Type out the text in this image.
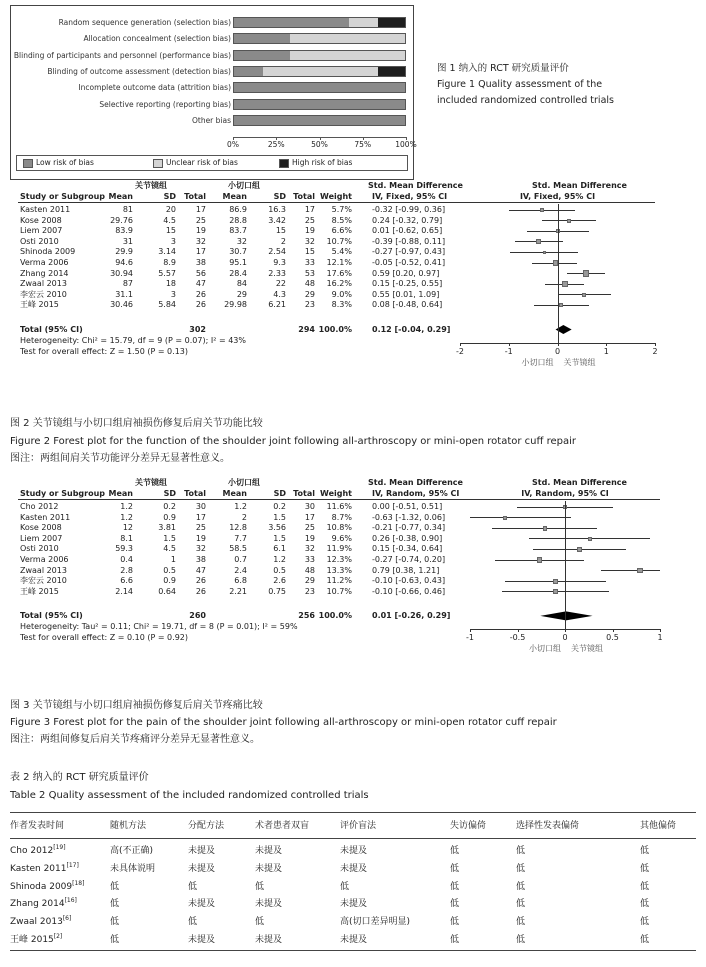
Random sequence generation (selection bias)
Allocation concealment (selection bias)
Blinding of participants and personnel (performance bias)
Blinding of outcome assessment (detection bias)
Incomplete outcome data (attrition bias)
Selective reporting (reporting bias)
Other bias
0%	25%	50%	75%	100%
Low risk of bias	Unclear risk of bias	High risk of bias
图 1 纳入的 RCT 研究质量评价
Figure 1 Quality assessment of the
included randomized controlled trials
关节镜组	小切口组	Std. Mean Difference	Std. Mean Difference
Study or Subgroup Mean	SD	Total	Mean	SD Total Weight	IV, Fixed, 95% CI	IV, Fixed, 95% CI
Kasten 2011	81	20	17	86.9	16.3	17	5.7%	-0.32 [-0.99, 0.36]
Kose 2008	29.76	4.5	25	28.8	3.42	25	8.5%	0.24 [-0.32, 0.79]
Liem 2007	83.9	15	19	83.7	15	19	6.6%	0.01 [-0.62, 0.65]
Osti 2010	31	3	32	32	2	32	10.7%	-0.39 [-0.88, 0.11]
Shinoda 2009	29.9	3.14	17	30.7	2.54	15	5.4%	-0.27 [-0.97, 0.43]
Verma 2006	94.6	8.9	38	95.1	9.3	33	12.1%	-0.05 [-0.52, 0.41]
Zhang 2014	30.94	5.57	56	28.4	2.33	53	17.6%	0.59 [0.20, 0.97]
Zwaal 2013	87	18	47	84	22	48	16.2%	0.15 [-0.25, 0.55]
李宏云 2010	31.1	3	26	29	4.3	29	9.0%	0.55 [0.01, 1.09]
王峰 2015	30.46	5.84	26	29.98	6.21	23	8.3%	0.08 [-0.48, 0.64]
Total (95% CI)	302	294 100.0%	0.12 [-0.04, 0.29]
Heterogeneity: Chi² = 15.79, df = 9 (P = 0.07); I² = 43%
Test for overall effect: Z = 1.50 (P = 0.13)	-2	-1	0	1	2
小切口组 关节镜组
图 2 关节镜组与小切口组肩袖损伤修复后肩关节功能比较
Figure 2 Forest plot for the function of the shoulder joint following all-arthroscopy or mini-open rotator cuff repair
图注：两组间肩关节功能评分差异无显著性意义。
关节镜组	小切口组	Std. Mean Difference	Std. Mean Difference
Study or Subgroup Mean	SD	Total	Mean	SD Total Weight	IV, Random, 95% CI	IV, Random, 95% CI
Cho 2012	1.2	0.2	30	1.2	0.2	30	11.6%	0.00 [-0.51, 0.51]
Kasten 2011	1.2	0.9	17	2	1.5	17	8.7%	-0.63 [-1.32, 0.06]
Kose 2008	12	3.81	25	12.8	3.56	25	10.8%	-0.21 [-0.77, 0.34]
Liem 2007	8.1	1.5	19	7.7	1.5	19	9.6%	0.26 [-0.38, 0.90]
Osti 2010	59.3	4.5	32	58.5	6.1	32	11.9%	0.15 [-0.34, 0.64]
Verma 2006	0.4	1	38	0.7	1.2	33	12.3%	-0.27 [-0.74, 0.20]
Zwaal 2013	2.8	0.5	47	2.4	0.5	48	13.3%	0.79 [0.38, 1.21]
李宏云 2010	6.6	0.9	26	6.8	2.6	29	11.2%	-0.10 [-0.63, 0.43]
王峰 2015	2.14	0.64	26	2.21	0.75	23	10.7%	-0.10 [-0.66, 0.46]
Total (95% CI)	260	256 100.0%	0.01 [-0.26, 0.29]
Heterogeneity: Tau² = 0.11; Chi² = 19.71, df = 8 (P = 0.01); I² = 59%
Test for overall effect: Z = 0.10 (P = 0.92)	-1	-0.5	0	0.5	1
小切口组 关节镜组
图 3 关节镜组与小切口组肩袖损伤修复后肩关节疼痛比较
Figure 3 Forest plot for the pain of the shoulder joint following all-arthroscopy or mini-open rotator cuff repair
图注：两组间修复后肩关节疼痛评分差异无显著性意义。
表 2 纳入的 RCT 研究质量评价
Table 2 Quality assessment of the included randomized controlled trials
作者发表时间	随机方法	分配方法	术者患者双盲	评价盲法	失访偏倚	选择性发表偏倚	其他偏倚
Cho 2012[19]	高(不正确)	未提及	未提及	未提及	低	低	低
Kasten 2011[17]	未具体说明	未提及	未提及	未提及	低	低	低
Shinoda 2009[18]	低	低	低	低	低	低	低
Zhang 2014[16]	低	未提及	未提及	未提及	低	低	低
Zwaal 2013[6]	低	低	低	高(切口差异明显)	低	低	低
王峰 2015[2]	低	未提及	未提及	未提及	低	低	低
